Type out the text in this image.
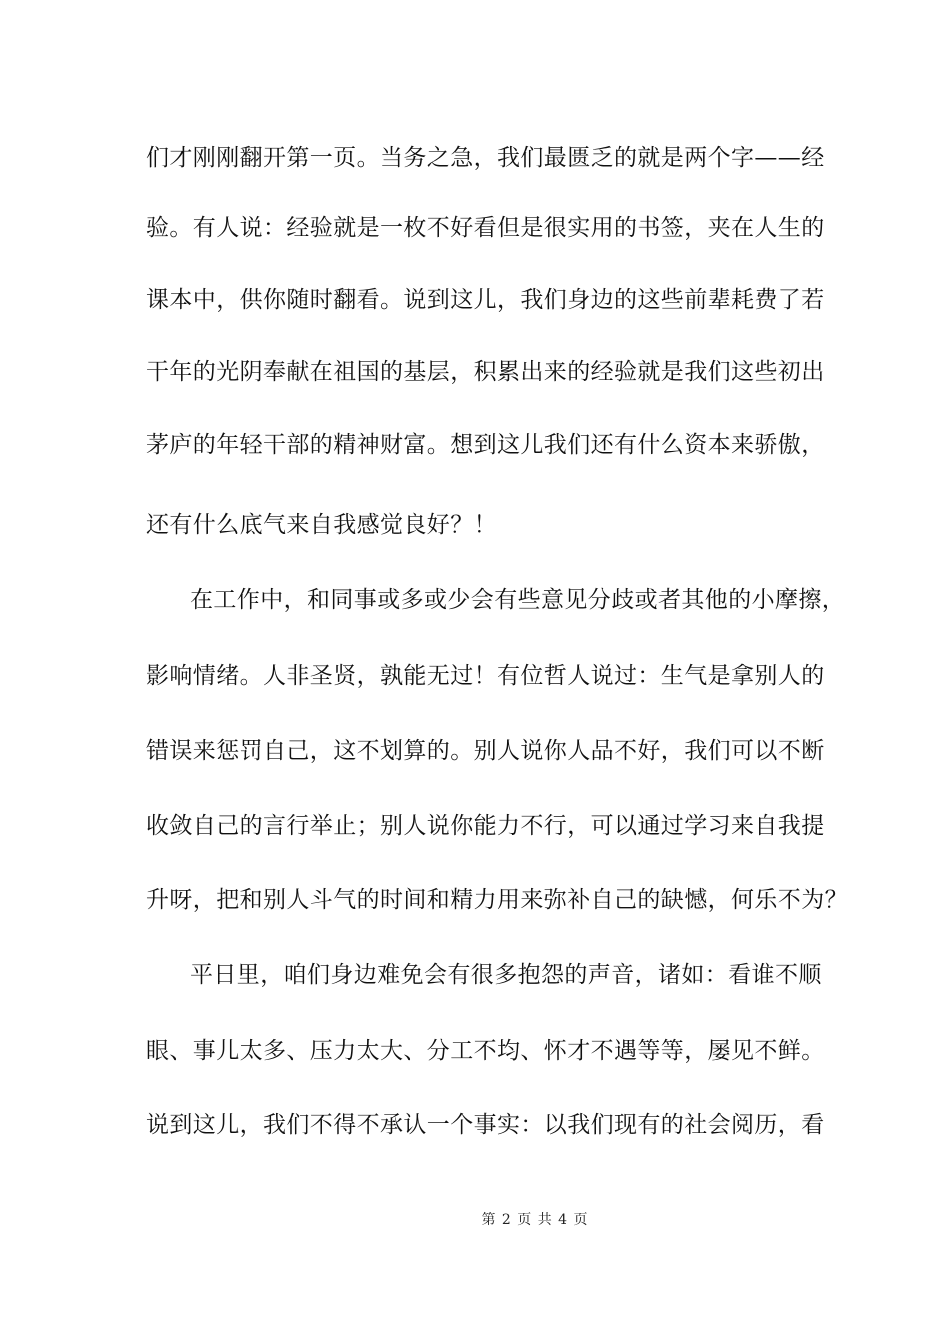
们才刚刚翻开第一页。当务之急，我们最匮乏的就是两个字——经
验。有人说：经验就是一枚不好看但是很实用的书签，夹在人生的
课本中，供你随时翻看。说到这儿，我们身边的这些前辈耗费了若
干年的光阴奉献在祖国的基层，积累出来的经验就是我们这些初出
茅庐的年轻干部的精神财富。想到这儿我们还有什么资本来骄傲，
还有什么底气来自我感觉良好？！
在工作中，和同事或多或少会有些意见分歧或者其他的小摩擦，
影响情绪。人非圣贤，孰能无过！有位哲人说过：生气是拿别人的
错误来惩罚自己，这不划算的。别人说你人品不好，我们可以不断
收敛自己的言行举止；别人说你能力不行，可以通过学习来自我提
升呀，把和别人斗气的时间和精力用来弥补自己的缺憾，何乐不为？
平日里，咱们身边难免会有很多抱怨的声音，诸如：看谁不顺
眼、事儿太多、压力太大、分工不均、怀才不遇等等，屡见不鲜。
说到这儿，我们不得不承认一个事实：以我们现有的社会阅历，看
第 2 页 共 4 页
